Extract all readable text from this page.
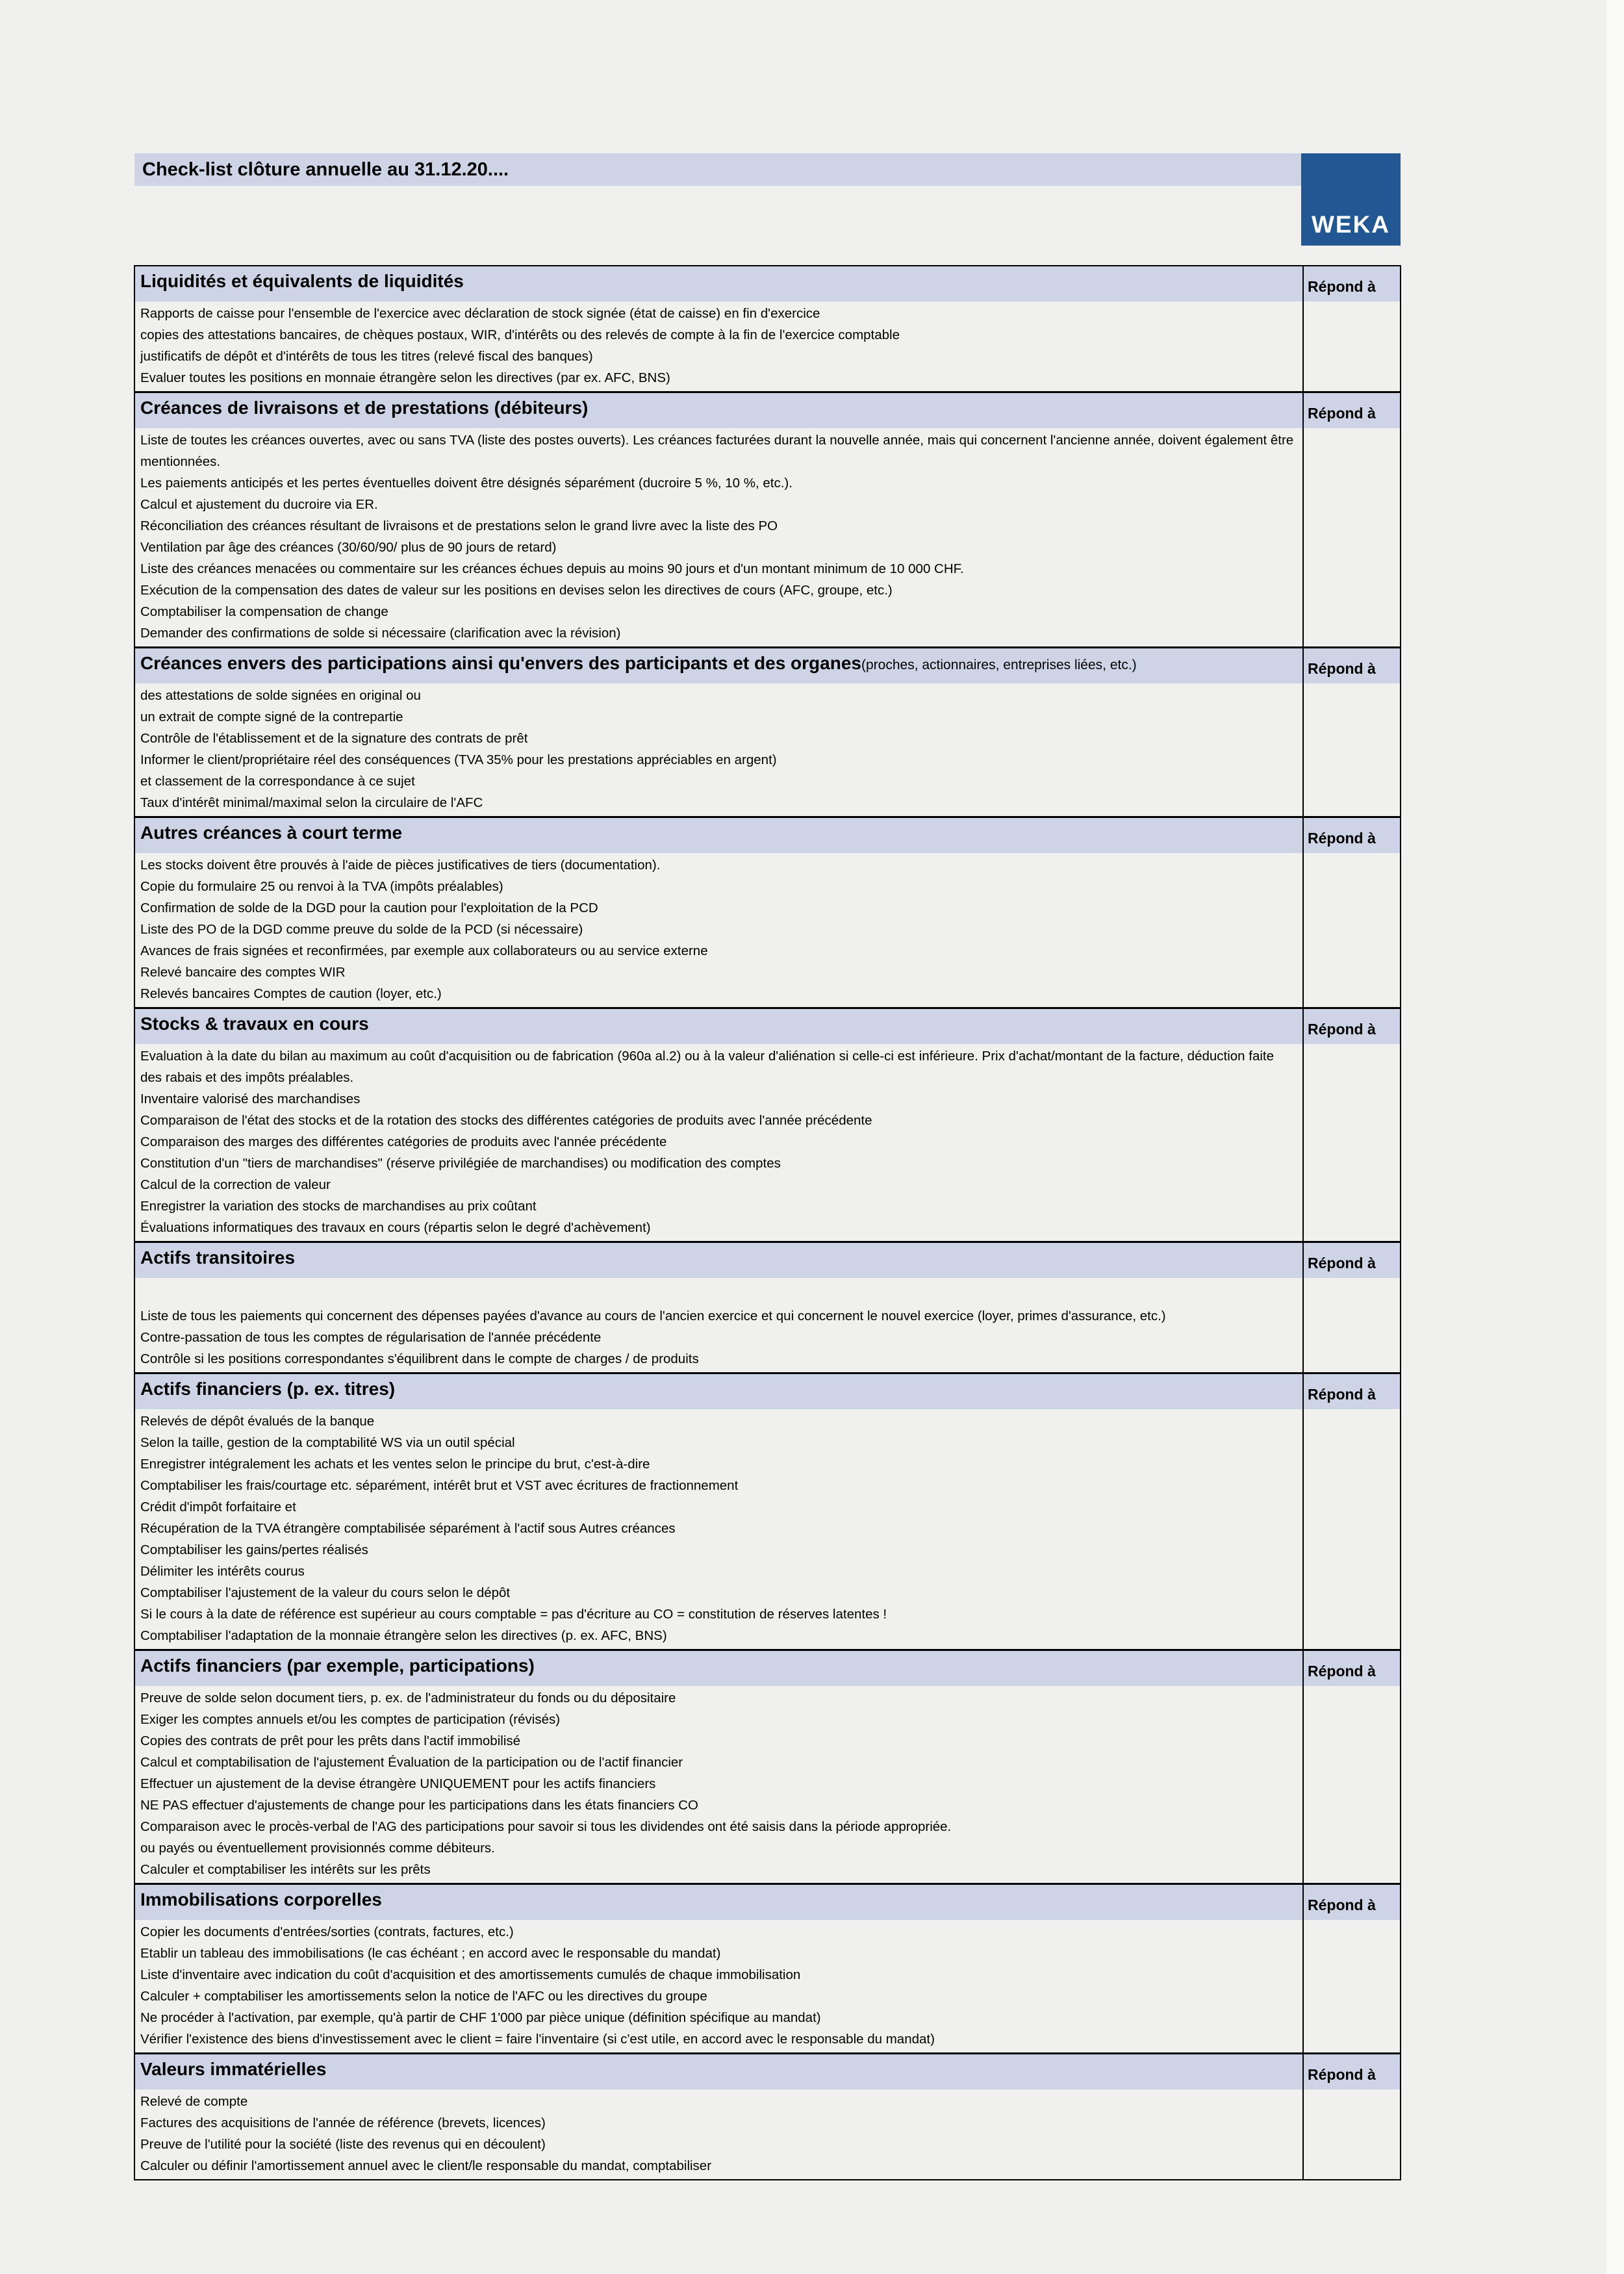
Check-list clôture annuelle au 31.12.20....
WEKA
Liquidités et équivalents de liquidités	Répond à
Rapports de caisse pour l'ensemble de l'exercice avec déclaration de stock signée (état de caisse) en fin d'exercice
copies des attestations bancaires, de chèques postaux, WIR, d'intérêts ou des relevés de compte à la fin de l'exercice comptable
justificatifs de dépôt et d'intérêts de tous les titres (relevé fiscal des banques)
Evaluer toutes les positions en monnaie étrangère selon les directives (par ex. AFC, BNS)
Créances de livraisons et de prestations (débiteurs)	Répond à
Liste de toutes les créances ouvertes, avec ou sans TVA (liste des postes ouverts). Les créances facturées durant la nouvelle année, mais qui concernent l'ancienne année, doivent également être mentionnées.
Les paiements anticipés et les pertes éventuelles doivent être désignés séparément (ducroire 5 %, 10 %, etc.).
Calcul et ajustement du ducroire via ER.
Réconciliation des créances résultant de livraisons et de prestations selon le grand livre avec la liste des PO
Ventilation par âge des créances (30/60/90/ plus de 90 jours de retard)
Liste des créances menacées ou commentaire sur les créances échues depuis au moins 90 jours et d'un montant minimum de 10 000 CHF.
Exécution de la compensation des dates de valeur sur les positions en devises selon les directives de cours (AFC, groupe, etc.)
Comptabiliser la compensation de change
Demander des confirmations de solde si nécessaire (clarification avec la révision)
Créances envers des participations ainsi qu'envers des participants et des organes(proches, actionnaires, entreprises liées, etc.)	Répond à
des attestations de solde signées en original ou
un extrait de compte signé de la contrepartie
Contrôle de l'établissement et de la signature des contrats de prêt
Informer le client/propriétaire réel des conséquences (TVA 35% pour les prestations appréciables en argent)
et classement de la correspondance à ce sujet
Taux d'intérêt minimal/maximal selon la circulaire de l'AFC
Autres créances à court terme	Répond à
Les stocks doivent être prouvés à l'aide de pièces justificatives de tiers (documentation).
Copie du formulaire 25 ou renvoi à la TVA (impôts préalables)
Confirmation de solde de la DGD pour la caution pour l'exploitation de la PCD
Liste des PO de la DGD comme preuve du solde de la PCD (si nécessaire)
Avances de frais signées et reconfirmées, par exemple aux collaborateurs ou au service externe
Relevé bancaire des comptes WIR
Relevés bancaires Comptes de caution (loyer, etc.)
Stocks & travaux en cours	Répond à
Evaluation à la date du bilan au maximum au coût d'acquisition ou de fabrication (960a al.2) ou à la valeur d'aliénation si celle-ci est inférieure. Prix d'achat/montant de la facture, déduction faite des rabais et des impôts préalables.
Inventaire valorisé des marchandises
Comparaison de l'état des stocks et de la rotation des stocks des différentes catégories de produits avec l'année précédente
Comparaison des marges des différentes catégories de produits avec l'année précédente
Constitution d'un "tiers de marchandises" (réserve privilégiée de marchandises) ou modification des comptes
Calcul de la correction de valeur
Enregistrer la variation des stocks de marchandises au prix coûtant
Évaluations informatiques des travaux en cours (répartis selon le degré d'achèvement)
Actifs transitoires	Répond à
Liste de tous les paiements qui concernent des dépenses payées d'avance au cours de l'ancien exercice et qui concernent le nouvel exercice (loyer, primes d'assurance, etc.)
Contre-passation de tous les comptes de régularisation de l'année précédente
Contrôle si les positions correspondantes s'équilibrent dans le compte de charges / de produits
Actifs financiers (p. ex. titres)	Répond à
Relevés de dépôt évalués de la banque
Selon la taille, gestion de la comptabilité WS via un outil spécial
Enregistrer intégralement les achats et les ventes selon le principe du brut, c'est-à-dire
Comptabiliser les frais/courtage etc. séparément, intérêt brut et VST avec écritures de fractionnement
Crédit d'impôt forfaitaire et
Récupération de la TVA étrangère comptabilisée séparément à l'actif sous Autres créances
Comptabiliser les gains/pertes réalisés
Délimiter les intérêts courus
Comptabiliser l'ajustement de la valeur du cours selon le dépôt
Si le cours à la date de référence est supérieur au cours comptable = pas d'écriture au CO = constitution de réserves latentes !
Comptabiliser l'adaptation de la monnaie étrangère selon les directives (p. ex. AFC, BNS)
Actifs financiers (par exemple, participations)	Répond à
Preuve de solde selon document tiers, p. ex. de l'administrateur du fonds ou du dépositaire
Exiger les comptes annuels et/ou les comptes de participation (révisés)
Copies des contrats de prêt pour les prêts dans l'actif immobilisé
Calcul et comptabilisation de l'ajustement Évaluation de la participation ou de l'actif financier
Effectuer un ajustement de la devise étrangère UNIQUEMENT pour les actifs financiers
NE PAS effectuer d'ajustements de change pour les participations dans les états financiers CO
Comparaison avec le procès-verbal de l'AG des participations pour savoir si tous les dividendes ont été saisis dans la période appropriée.
ou payés ou éventuellement provisionnés comme débiteurs.
Calculer et comptabiliser les intérêts sur les prêts
Immobilisations corporelles	Répond à
Copier les documents d'entrées/sorties (contrats, factures, etc.)
Etablir un tableau des immobilisations (le cas échéant ; en accord avec le responsable du mandat)
Liste d'inventaire avec indication du coût d'acquisition et des amortissements cumulés de chaque immobilisation
Calculer + comptabiliser les amortissements selon la notice de l'AFC ou les directives du groupe
Ne procéder à l'activation, par exemple, qu'à partir de CHF 1'000 par pièce unique (définition spécifique au mandat)
Vérifier l'existence des biens d'investissement avec le client = faire l'inventaire (si c'est utile, en accord avec le responsable du mandat)
Valeurs immatérielles	Répond à
Relevé de compte
Factures des acquisitions de l'année de référence (brevets, licences)
Preuve de l'utilité pour la société (liste des revenus qui en découlent)
Calculer ou définir l'amortissement annuel avec le client/le responsable du mandat, comptabiliser
